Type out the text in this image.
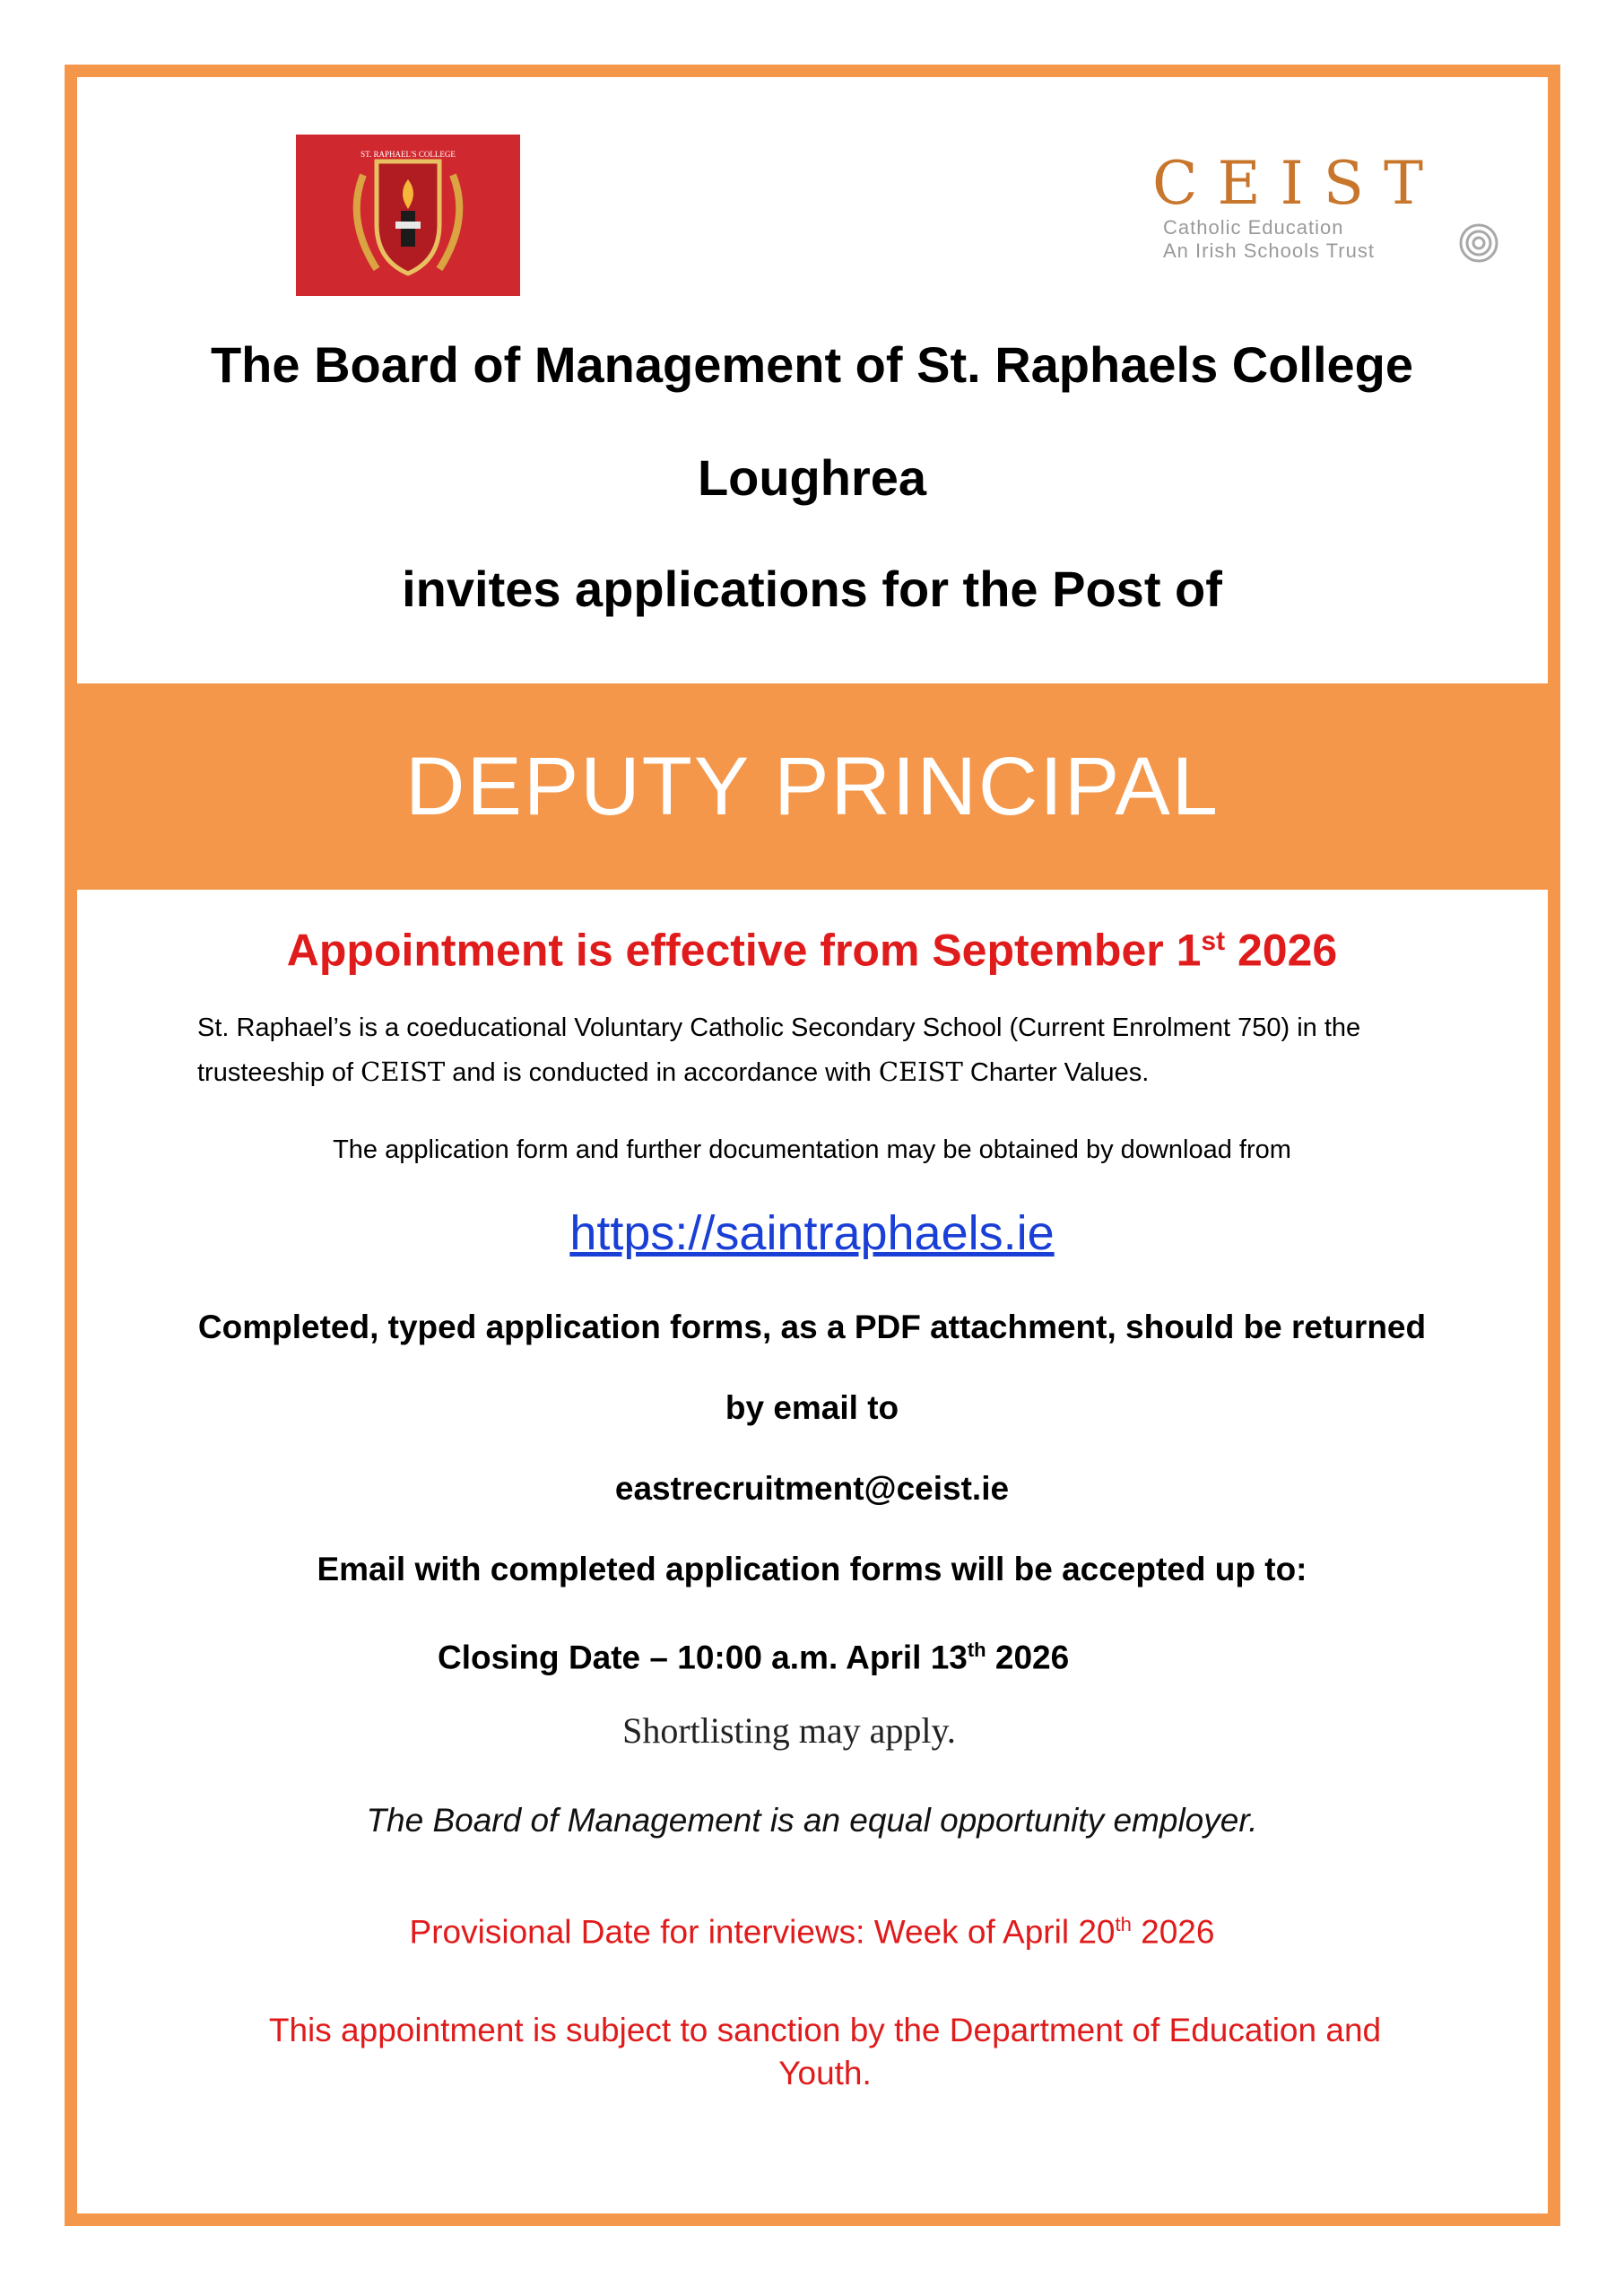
ST. RAPHAEL'S COLLEGE	CEIST
Catholic Education
An Irish Schools Trust
The Board of Management of St. Raphaels College
Loughrea
invites applications for the Post of
DEPUTY PRINCIPAL
Appointment is effective from September 1st 2026
St. Raphael’s is a coeducational Voluntary Catholic Secondary School (Current Enrolment 750) in the trusteeship of CEIST and is conducted in accordance with CEIST Charter Values.
The application form and further documentation may be obtained by download from
https://saintraphaels.ie
Completed, typed application forms, as a PDF attachment, should be returned
by email to
eastrecruitment@ceist.ie
Email with completed application forms will be accepted up to:
Closing Date – 10:00 a.m. April 13th 2026
Shortlisting may apply.
The Board of Management is an equal opportunity employer.
Provisional Date for interviews: Week of April 20th 2026
This appointment is subject to sanction by the Department of Education and Youth.
